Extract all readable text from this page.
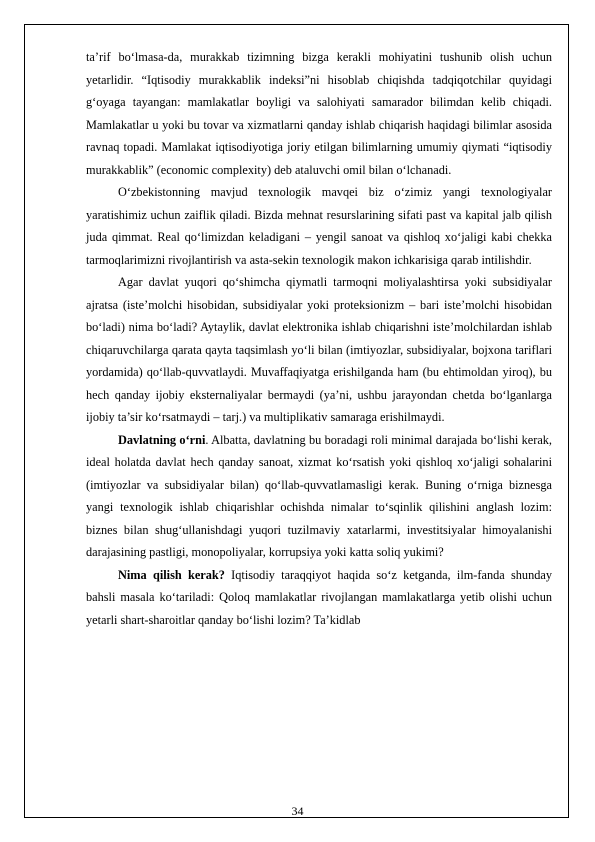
ta’rif bo‘lmasa-da, murakkab tizimning bizga kerakli mohiyatini tushunib olish uchun yetarlidir. “Iqtisodiy murakkablik indeksi”ni hisoblab chiqishda tadqiqotchilar quyidagi g‘oyaga tayangan: mamlakatlar boyligi va salohiyati samarador bilimdan kelib chiqadi. Mamlakatlar u yoki bu tovar va xizmatlarni qanday ishlab chiqarish haqidagi bilimlar asosida ravnaq topadi. Mamlakat iqtisodiyotiga joriy etilgan bilimlarning umumiy qiymati “iqtisodiy murakkablik” (economic complexity) deb ataluvchi omil bilan o‘lchanadi.

O‘zbekistonning mavjud texnologik mavqei biz o‘zimiz yangi texnologiyalar yaratishimiz uchun zaiflik qiladi. Bizda mehnat resurslarining sifati past va kapital jalb qilish juda qimmat. Real qo‘limizdan keladigani – yengil sanoat va qishloq xo‘jaligi kabi chekka tarmoqlarimizni rivojlantirish va asta-sekin texnologik makon ichkarisiga qarab intilishdir.

Agar davlat yuqori qo‘shimcha qiymatli tarmoqni moliyalashtirsa yoki subsidiyalar ajratsa (iste’molchi hisobidan, subsidiyalar yoki proteksionizm – bari iste’molchi hisobidan bo‘ladi) nima bo‘ladi? Aytaylik, davlat elektronika ishlab chiqarishni iste’molchilardan ishlab chiqaruvchilarga qarata qayta taqsimlash yo‘li bilan (imtiyozlar, subsidiyalar, bojxona tariflari yordamida) qo‘llab-quvvatlaydi. Muvaffaqiyatga erishilganda ham (bu ehtimoldan yiroq), bu hech qanday ijobiy eksternaliyalar bermaydi (ya’ni, ushbu jarayondan chetda bo‘lganlarga ijobiy ta’sir ko‘rsatmaydi – tarj.) va multiplikativ samaraga erishilmaydi.

Davlatning o‘rni. Albatta, davlatning bu boradagi roli minimal darajada bo‘lishi kerak, ideal holatda davlat hech qanday sanoat, xizmat ko‘rsatish yoki qishloq xo‘jaligi sohalarini (imtiyozlar va subsidiyalar bilan) qo‘llab-quvvatlamasligi kerak. Buning o‘rniga biznesga yangi texnologik ishlab chiqarishlar ochishda nimalar to‘sqinlik qilishini anglash lozim: biznes bilan shug‘ullanishdagi yuqori tuzilmaviy xatarlarmi, investitsiyalar himoyalanishi darajasining pastligi, monopoliyalar, korrupsiya yoki katta soliq yukimi?

Nima qilish kerak? Iqtisodiy taraqqiyot haqida so‘z ketganda, ilm-fanda shunday bahsli masala ko‘tariladi: Qoloq mamlakatlar rivojlangan mamlakatlarga yetib olishi uchun yetarli shart-sharoitlar qanday bo‘lishi lozim? Ta’kidlab

34
